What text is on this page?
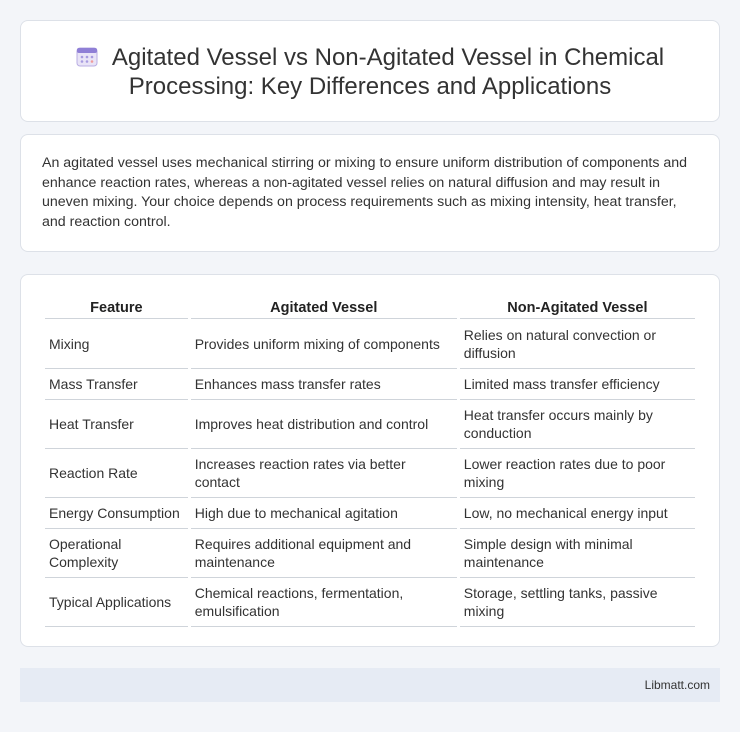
Agitated Vessel vs Non-Agitated Vessel in Chemical Processing: Key Differences and Applications

An agitated vessel uses mechanical stirring or mixing to ensure uniform distribution of components and enhance reaction rates, whereas a non-agitated vessel relies on natural diffusion and may result in uneven mixing. Your choice depends on process requirements such as mixing intensity, heat transfer, and reaction control.

Feature	Agitated Vessel	Non-Agitated Vessel
Mixing	Provides uniform mixing of components	Relies on natural convection or diffusion
Mass Transfer	Enhances mass transfer rates	Limited mass transfer efficiency
Heat Transfer	Improves heat distribution and control	Heat transfer occurs mainly by conduction
Reaction Rate	Increases reaction rates via better contact	Lower reaction rates due to poor mixing
Energy Consumption	High due to mechanical agitation	Low, no mechanical energy input
Operational Complexity	Requires additional equipment and maintenance	Simple design with minimal maintenance
Typical Applications	Chemical reactions, fermentation, emulsification	Storage, settling tanks, passive mixing
Libmatt.com
